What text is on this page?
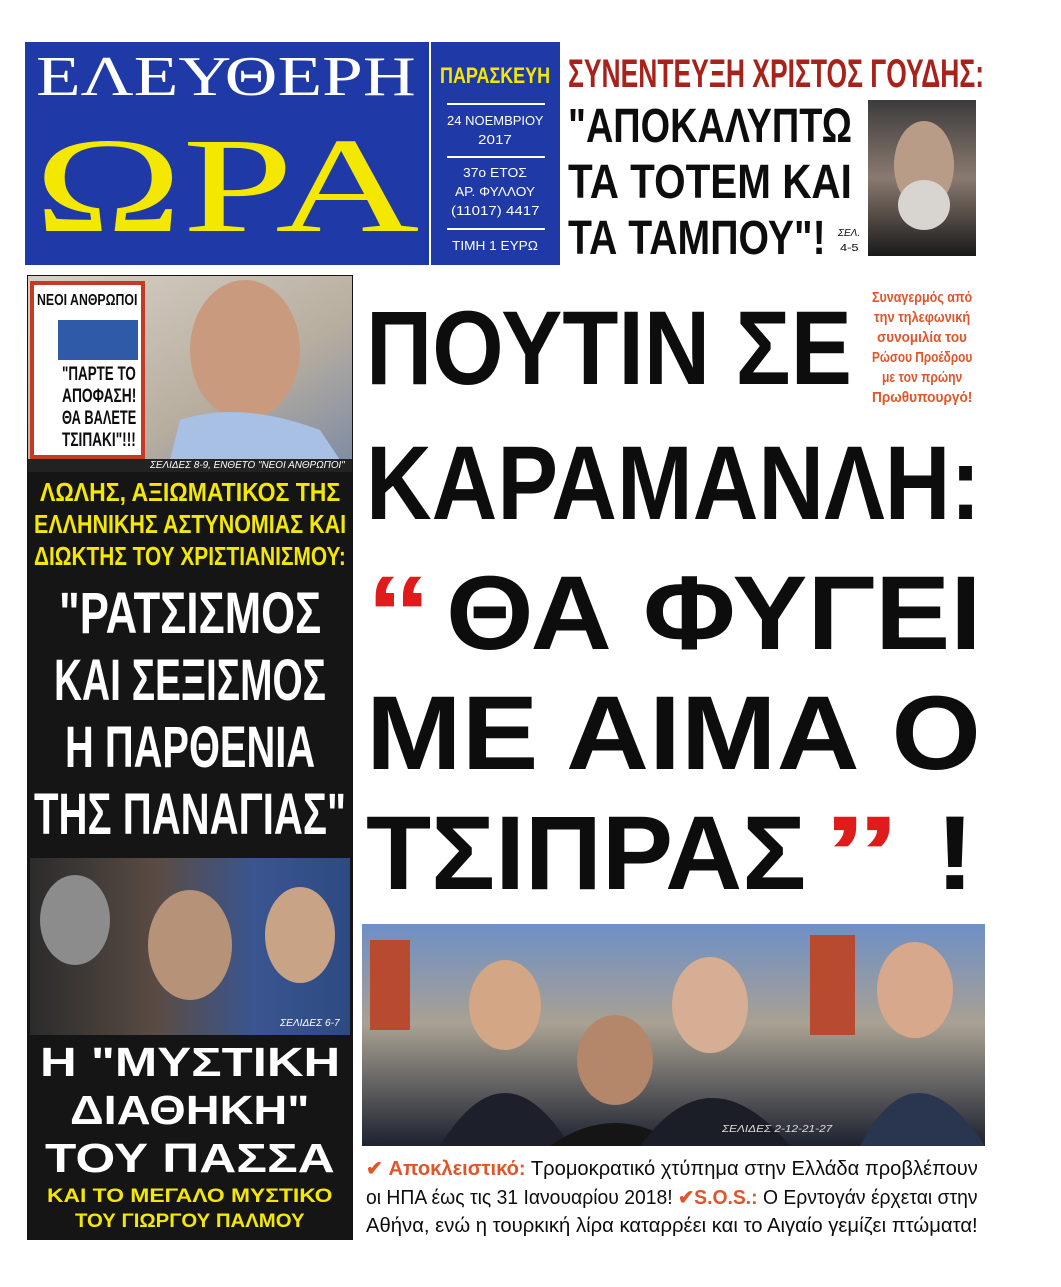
ΕΛΕΥΘΕΡΗ
ΩΡΑ
ΠΑΡΑΣΚΕΥΗ
24 ΝΟΕΜΒΡΙΟΥ
2017
37ο ΕΤΟΣ
ΑΡ. ΦΥΛΛΟΥ
(11017) 4417
ΤΙΜΗ 1 ΕΥΡΩ
ΣΥΝΕΝΤΕΥΞΗ ΧΡΙΣΤΟΣ ΓΟΥΔΗΣ:
"ΑΠΟΚΑΛΥΠΤΩ
ΤΑ ΤΟΤΕΜ ΚΑΙ
ΤΑ ΤΑΜΠΟΥ"! ΣΕΛ.
4-5
ΝΕΟΙ ΑΝΘΡΩΠΟΙ
"ΠΑΡΤΕ ΤΟ
ΑΠΟΦΑΣΗ!
ΘΑ ΒΑΛΕΤΕ
ΤΣΙΠΑΚΙ"!!!
ΣΕΛΙΔΕΣ 8-9, ΕΝΘΕΤΟ "ΝΕΟΙ ΑΝΘΡΩΠΟΙ"
ΛΩΛΗΣ, ΑΞΙΩΜΑΤΙΚΟΣ ΤΗΣ
ΕΛΛΗΝΙΚΗΣ ΑΣΤΥΝΟΜΙΑΣ ΚΑΙ
ΔΙΩΚΤΗΣ ΤΟΥ ΧΡΙΣΤΙΑΝΙΣΜΟΥ:
"ΡΑΤΣΙΣΜΟΣ
ΚΑΙ ΣΕΞΙΣΜΟΣ
Η ΠΑΡΘΕΝΙΑ
ΤΗΣ ΠΑΝΑΓΙΑΣ"
ΣΕΛΙΔΕΣ 6-7
Η "ΜΥΣΤΙΚΗ
ΔΙΑΘΗΚΗ"
ΤΟΥ ΠΑΣΣΑ
ΚΑΙ ΤΟ ΜΕΓΑΛΟ ΜΥΣΤΙΚΟ
ΤΟΥ ΓΙΩΡΓΟΥ ΠΑΛΜΟΥ
ΠΟΥΤΙΝ ΣΕ
ΚΑΡΑΜΑΝΛΗ:
“ ΘΑ ΦΥΓΕΙ
ΜΕ ΑΙΜΑ Ο
ΤΣΙΠΡΑΣ ” !
Συναγερμός από
την τηλεφωνική
συνομιλία του
Ρώσου Προέδρου
με τον πρώην
Πρωθυπουργό!
ΣΕΛΙΔΕΣ 2-12-21-27
✔ Αποκλειστικό: Τρομοκρατικό χτύπημα στην Ελλάδα προβλέπουν
οι ΗΠΑ έως τις 31 Ιανουαρίου 2018! ✔S.O.S.: Ο Ερντογάν έρχεται στην
Αθήνα, ενώ η τουρκική λίρα καταρρέει και το Αιγαίο γεμίζει πτώματα!
